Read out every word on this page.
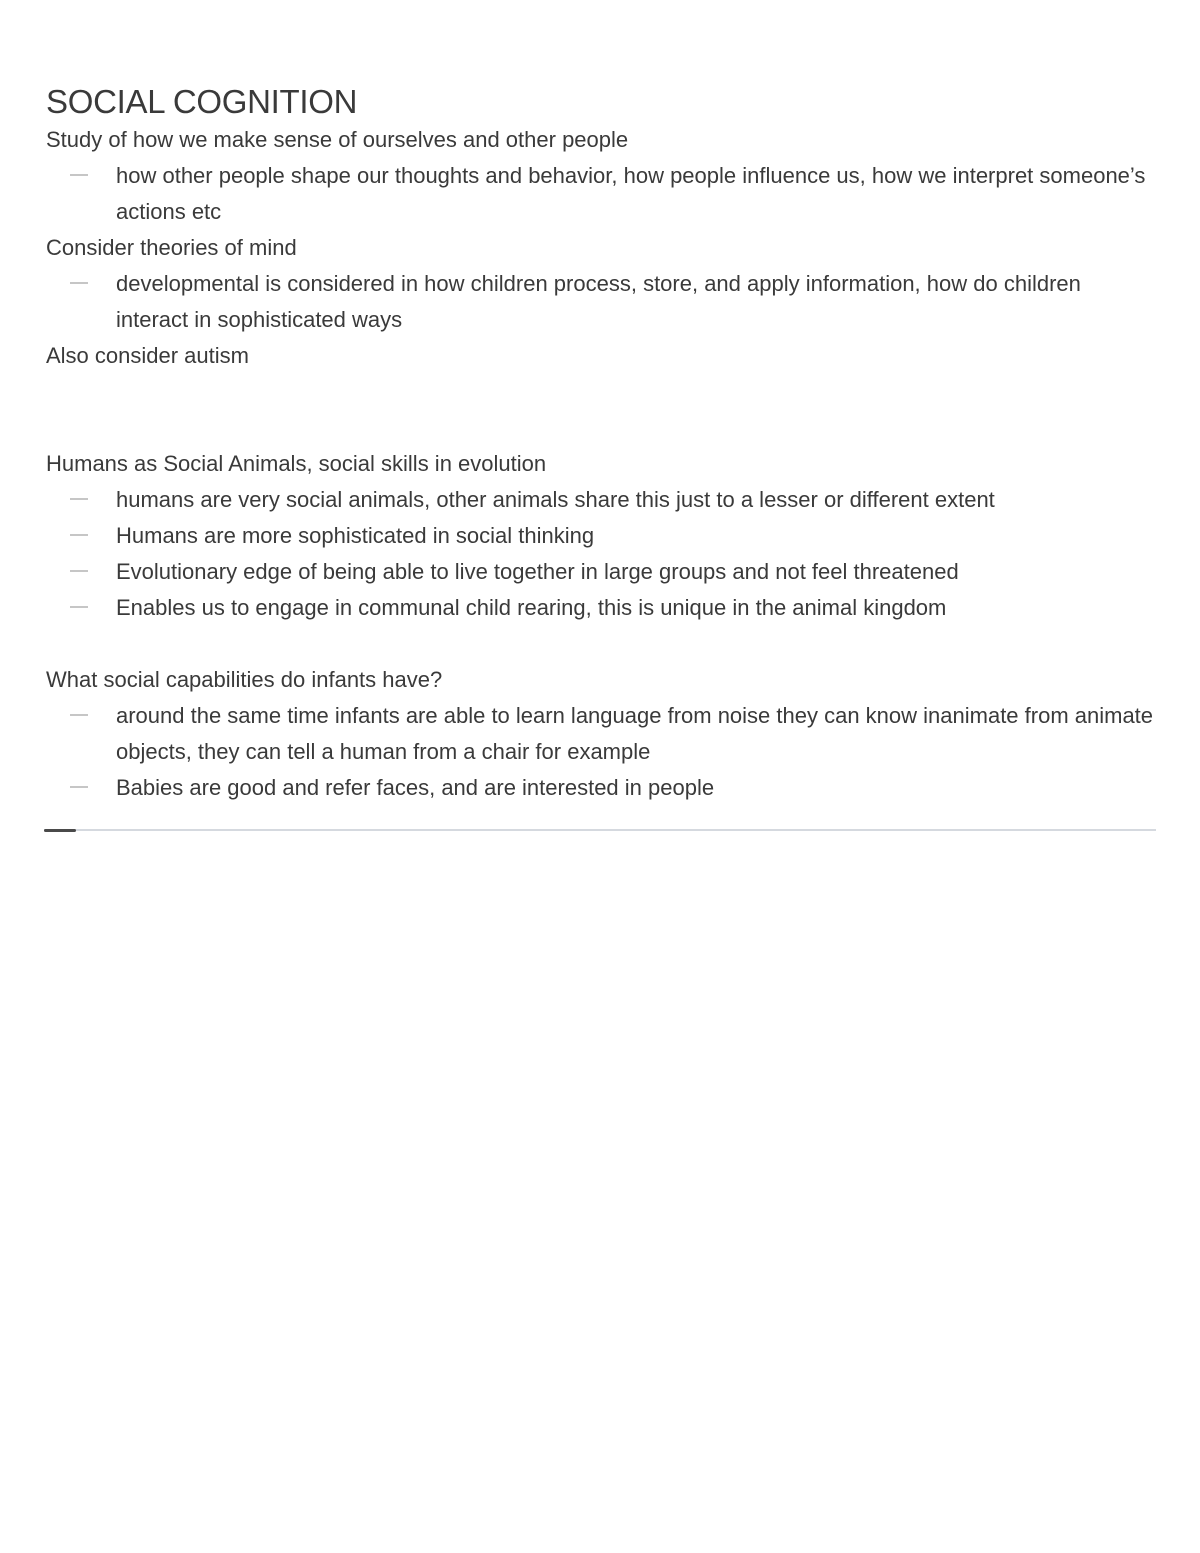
SOCIAL COGNITION

Study of how we make sense of ourselves and other people

how other people shape our thoughts and behavior, how people influence us, how we interpret someone’s actions etc

Consider theories of mind

developmental is considered in how children process, store, and apply information, how do children interact in sophisticated ways

Also consider autism

Humans as Social Animals, social skills in evolution

humans are very social animals, other animals share this just to a lesser or different extent

Humans are more sophisticated in social thinking

Evolutionary edge of being able to live together in large groups and not feel threatened

Enables us to engage in communal child rearing, this is unique in the animal kingdom

What social capabilities do infants have?

around the same time infants are able to learn language from noise they can know inanimate from animate objects, they can tell a human from a chair for example

Babies are good and refer faces, and are interested in people
